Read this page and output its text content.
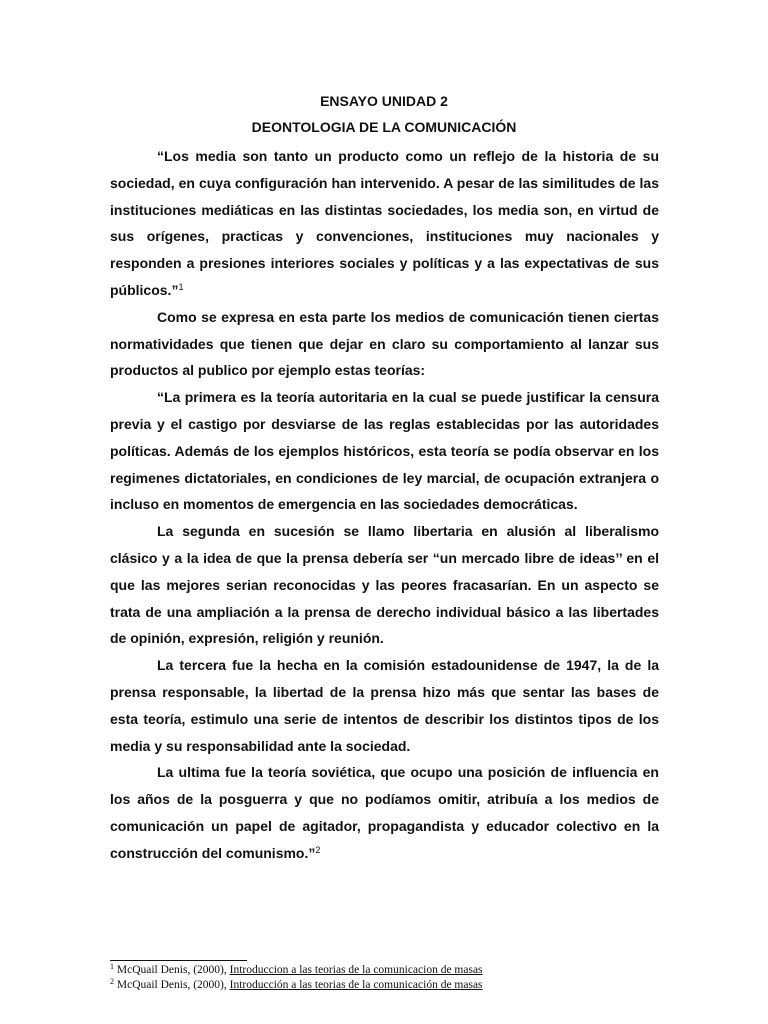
ENSAYO UNIDAD 2
DEONTOLOGIA DE LA COMUNICACIÓN

“Los media son tanto un producto como un reflejo de la historia de su sociedad, en cuya configuración han intervenido. A pesar de las similitudes de las instituciones mediáticas en las distintas sociedades, los media son, en virtud de sus orígenes, practicas y convenciones, instituciones muy nacionales y responden a presiones interiores sociales y políticas y a las expectativas de sus públicos.”$^1$

Como se expresa en esta parte los medios de comunicación tienen ciertas normatividades que tienen que dejar en claro su comportamiento al lanzar sus productos al publico por ejemplo estas teorías:

“La primera es la teoría autoritaria en la cual se puede justificar la censura previa y el castigo por desviarse de las reglas establecidas por las autoridades políticas. Además de los ejemplos históricos, esta teoría se podía observar en los regimenes dictatoriales, en condiciones de ley marcial, de ocupación extranjera o incluso en momentos de emergencia en las sociedades democráticas.

La segunda en sucesión se llamo libertaria en alusión al liberalismo clásico y a la idea de que la prensa debería ser “un mercado libre de ideas’’ en el que las mejores serian reconocidas y las peores fracasarían. En un aspecto se trata de una ampliación a la prensa de derecho individual básico a las libertades de opinión, expresión, religión y reunión.

La tercera fue la hecha en la comisión estadounidense de 1947, la de la prensa responsable, la libertad de la prensa hizo más que sentar las bases de esta teoría, estimulo una serie de intentos de describir los distintos tipos de los media y su responsabilidad ante la sociedad.

La ultima fue la teoría soviética, que ocupo una posición de influencia en los años de la posguerra y que no podíamos omitir, atribuía a los medios de comunicación un papel de agitador, propagandista y educador colectivo en la construcción del comunismo.”$^2$

$^1$ McQuail Denis, (2000), Introduccion a las teorias de la comunicacion de masas
$^2$ McQuail Denis, (2000), Introducción a las teorias de la comunicación de masas
